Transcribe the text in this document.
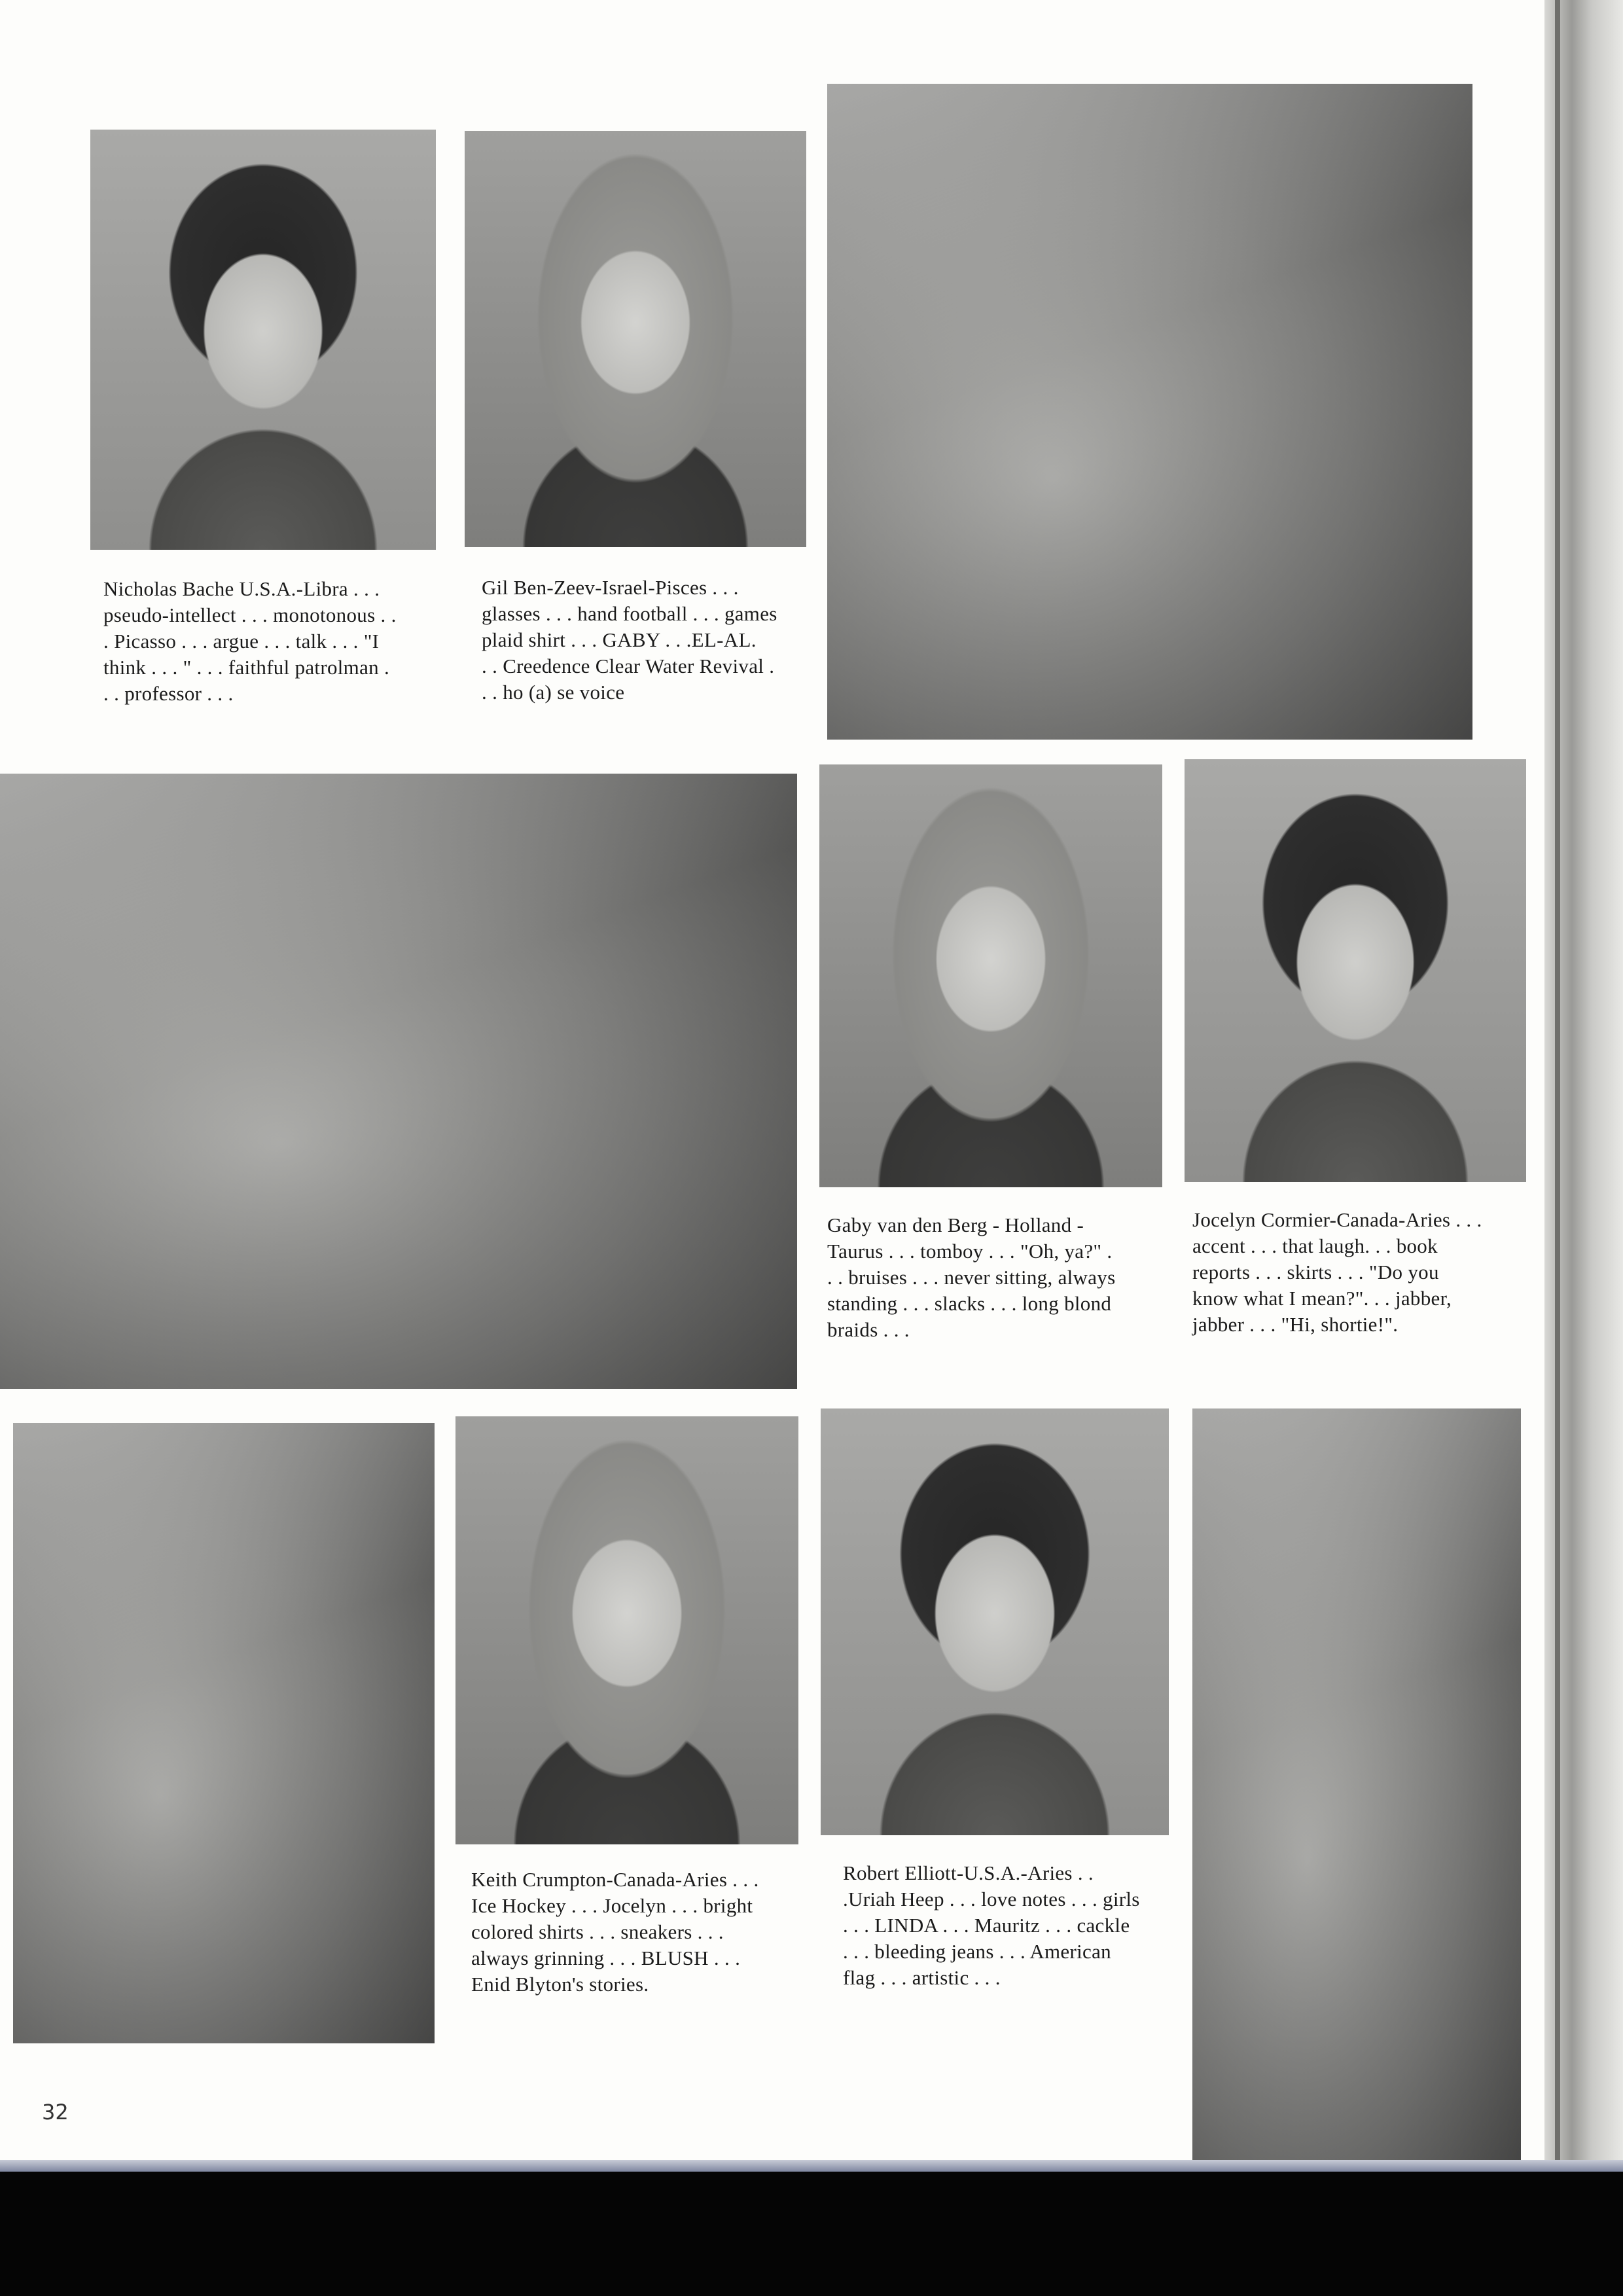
Nicholas Bache U.S.A.-Libra . . .
pseudo-intellect . . . monotonous . .
. Picasso . . . argue . . . talk . . . "I
think . . . " . . . faithful patrolman .
. . professor . . .
Gil Ben-Zeev-Israel-Pisces . . .
glasses . . . hand football . . . games
plaid shirt . . . GABY . . .EL-AL.
. . Creedence Clear Water Revival .
. . ho (a) se voice
Gaby van den Berg - Holland -
Taurus . . . tomboy . . . "Oh, ya?" .
. . bruises . . . never sitting, always
standing . . . slacks . . . long blond
braids . . .
Jocelyn Cormier-Canada-Aries . . .
accent . . . that laugh. . . book
reports . . . skirts . . . "Do you
know what I mean?". . . jabber,
jabber . . . "Hi, shortie!".
Keith Crumpton-Canada-Aries . . .
Ice Hockey . . . Jocelyn . . . bright
colored shirts . . . sneakers . . .
always grinning . . . BLUSH . . .
Enid Blyton's stories.
Robert Elliott-U.S.A.-Aries . .
.Uriah Heep . . . love notes . . . girls
. . . LINDA . . . Mauritz . . . cackle
. . . bleeding jeans . . . American
flag . . . artistic . . .
32
